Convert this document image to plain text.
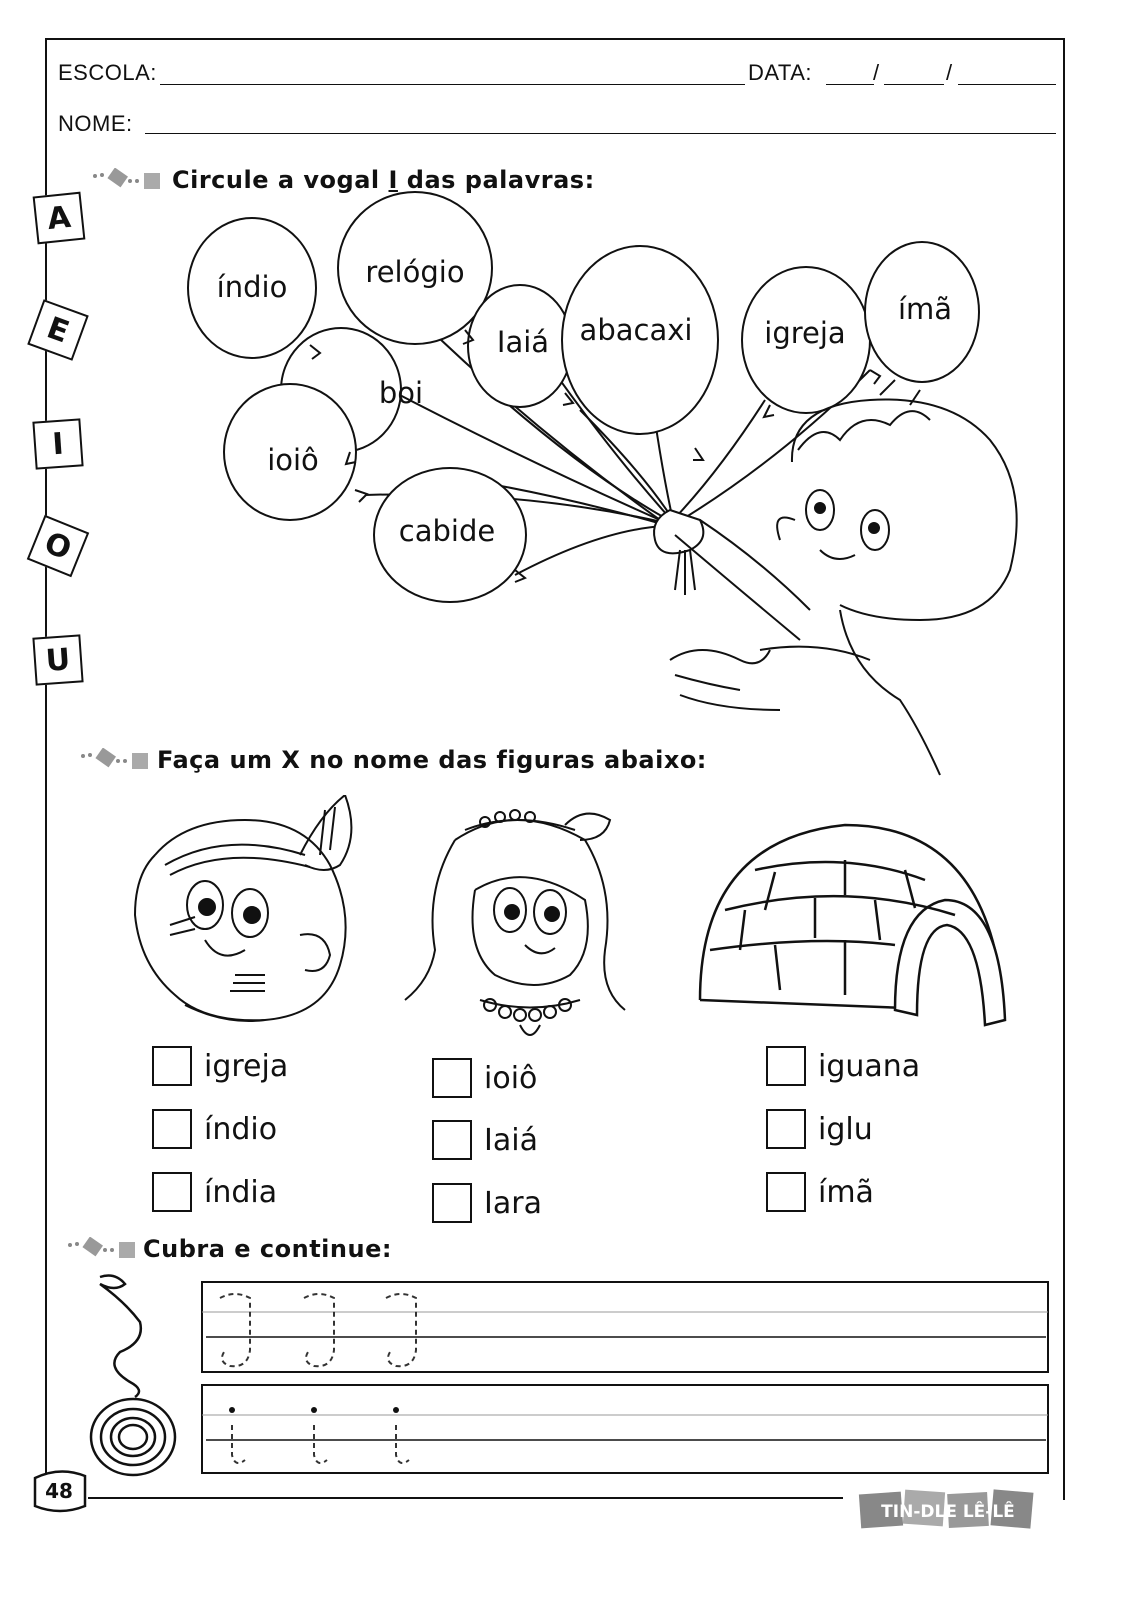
ESCOLA:	DATA:	/	/
NOME:
A
E
I
O
U
Circule a vogal I das palavras:
índio	relógio
Iaiá	abacaxi	igreja
ímã
boi
ioiô
cabide
Faça um X no nome das figuras abaixo:
igreja
índio
índia
ioiô
Iaiá
Iara
iguana
iglu
ímã
Cubra e continue:
48
TIN-DLE LÊ-LÊ
